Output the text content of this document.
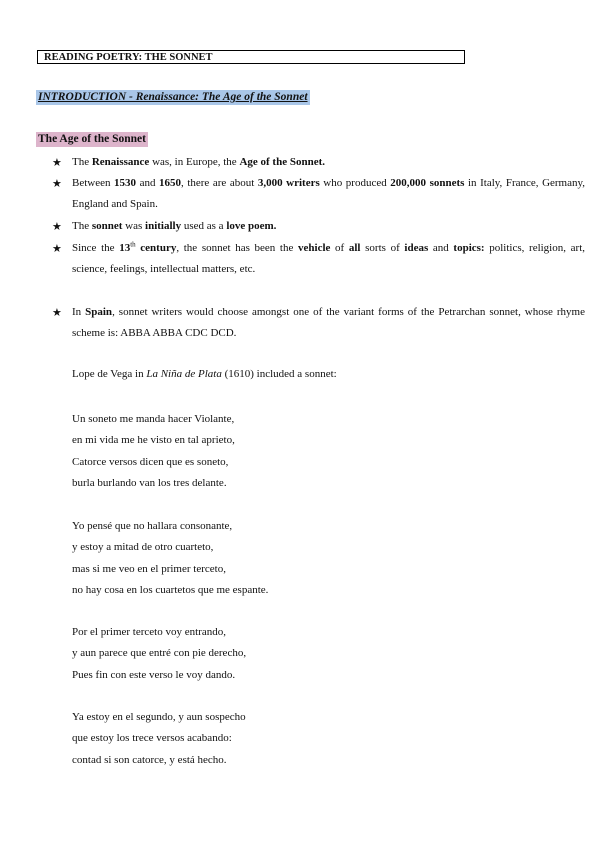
READING POETRY: THE SONNET
INTRODUCTION - Renaissance: The Age of the Sonnet
The Age of the Sonnet
★ The Renaissance was, in Europe, the Age of the Sonnet.
★ Between 1530 and 1650, there are about 3,000 writers who produced 200,000 sonnets in Italy, France, Germany, England and Spain.
★ The sonnet was initially used as a love poem.
★ Since the 13th century, the sonnet has been the vehicle of all sorts of ideas and topics: politics, religion, art, science, feelings, intellectual matters, etc.
★ In Spain, sonnet writers would choose amongst one of the variant forms of the Petrarchan sonnet, whose rhyme scheme is: ABBA ABBA CDC DCD.
Lope de Vega in La Niña de Plata (1610) included a sonnet:
Un soneto me manda hacer Violante,
en mi vida me he visto en tal aprieto,
Catorce versos dicen que es soneto,
burla burlando van los tres delante.
Yo pensé que no hallara consonante,
y estoy a mitad de otro cuarteto,
mas si me veo en el primer terceto,
no hay cosa en los cuartetos que me espante.
Por el primer terceto voy entrando,
y aun parece que entré con pie derecho,
Pues fin con este verso le voy dando.
Ya estoy en el segundo, y aun sospecho
que estoy los trece versos acabando:
contad si son catorce, y está hecho.
